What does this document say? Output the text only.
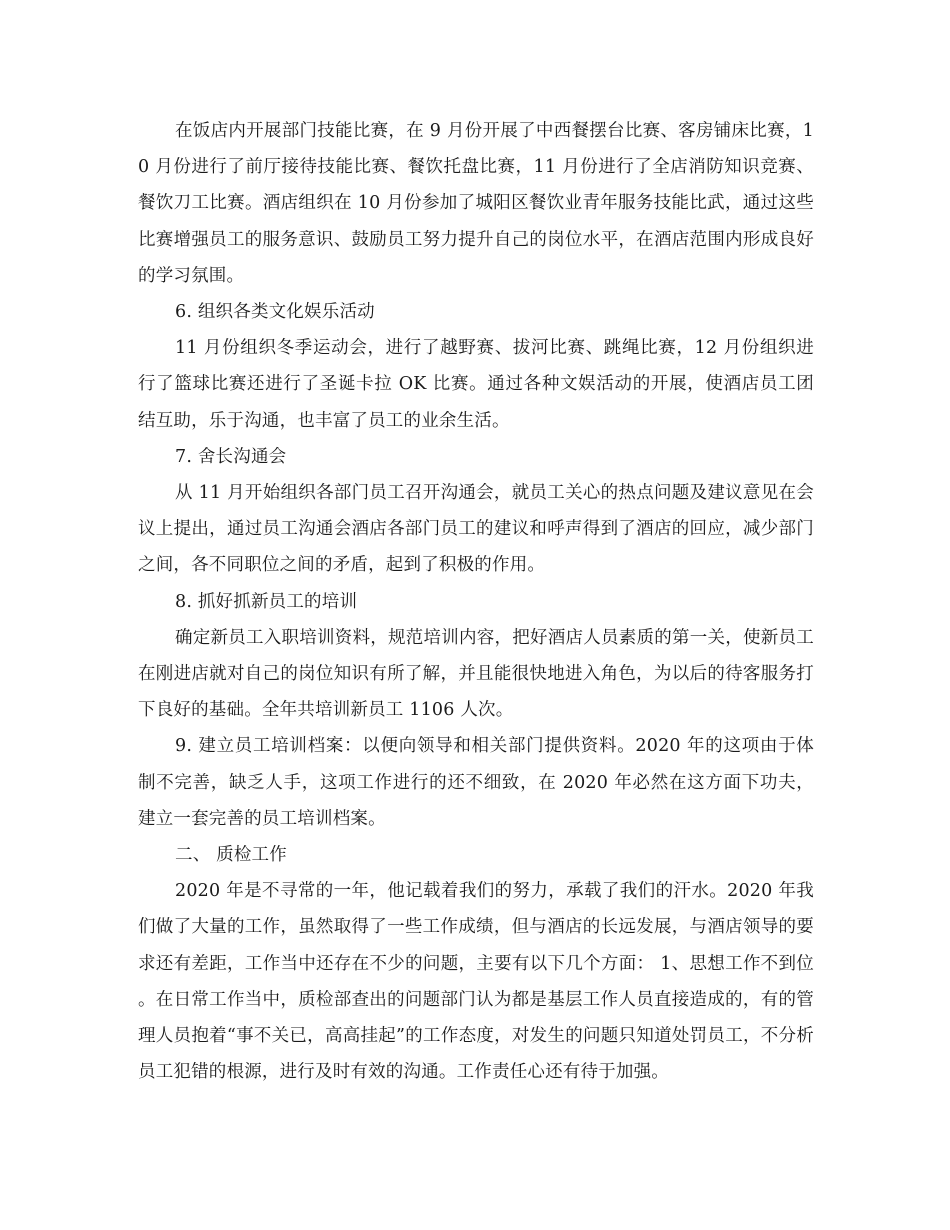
在饭店内开展部门技能比赛，在 9 月份开展了中西餐摆台比赛、客房铺床比赛，10 月份进行了前厅接待技能比赛、餐饮托盘比赛，11 月份进行了全店消防知识竞赛、餐饮刀工比赛。酒店组织在 10 月份参加了城阳区餐饮业青年服务技能比武，通过这些比赛增强员工的服务意识、鼓励员工努力提升自己的岗位水平，在酒店范围内形成良好的学习氛围。

6. 组织各类文化娱乐活动

11 月份组织冬季运动会，进行了越野赛、拔河比赛、跳绳比赛，12 月份组织进行了篮球比赛还进行了圣诞卡拉 OK 比赛。通过各种文娱活动的开展，使酒店员工团结互助，乐于沟通，也丰富了员工的业余生活。

7. 舍长沟通会

从 11 月开始组织各部门员工召开沟通会，就员工关心的热点问题及建议意见在会议上提出，通过员工沟通会酒店各部门员工的建议和呼声得到了酒店的回应，减少部门之间，各不同职位之间的矛盾，起到了积极的作用。

8. 抓好抓新员工的培训

确定新员工入职培训资料，规范培训内容，把好酒店人员素质的第一关，使新员工在刚进店就对自己的岗位知识有所了解，并且能很快地进入角色，为以后的待客服务打下良好的基础。全年共培训新员工 1106 人次。

9. 建立员工培训档案：以便向领导和相关部门提供资料。2020 年的这项由于体制不完善，缺乏人手，这项工作进行的还不细致，在 2020 年必然在这方面下功夫，建立一套完善的员工培训档案。

二、 质检工作

2020 年是不寻常的一年，他记载着我们的努力，承载了我们的汗水。2020 年我们做了大量的工作，虽然取得了一些工作成绩，但与酒店的长远发展，与酒店领导的要求还有差距，工作当中还存在不少的问题，主要有以下几个方面： 1、思想工作不到位。在日常工作当中，质检部查出的问题部门认为都是基层工作人员直接造成的，有的管理人员抱着“事不关已，高高挂起”的工作态度，对发生的问题只知道处罚员工，不分析员工犯错的根源，进行及时有效的沟通。工作责任心还有待于加强。
